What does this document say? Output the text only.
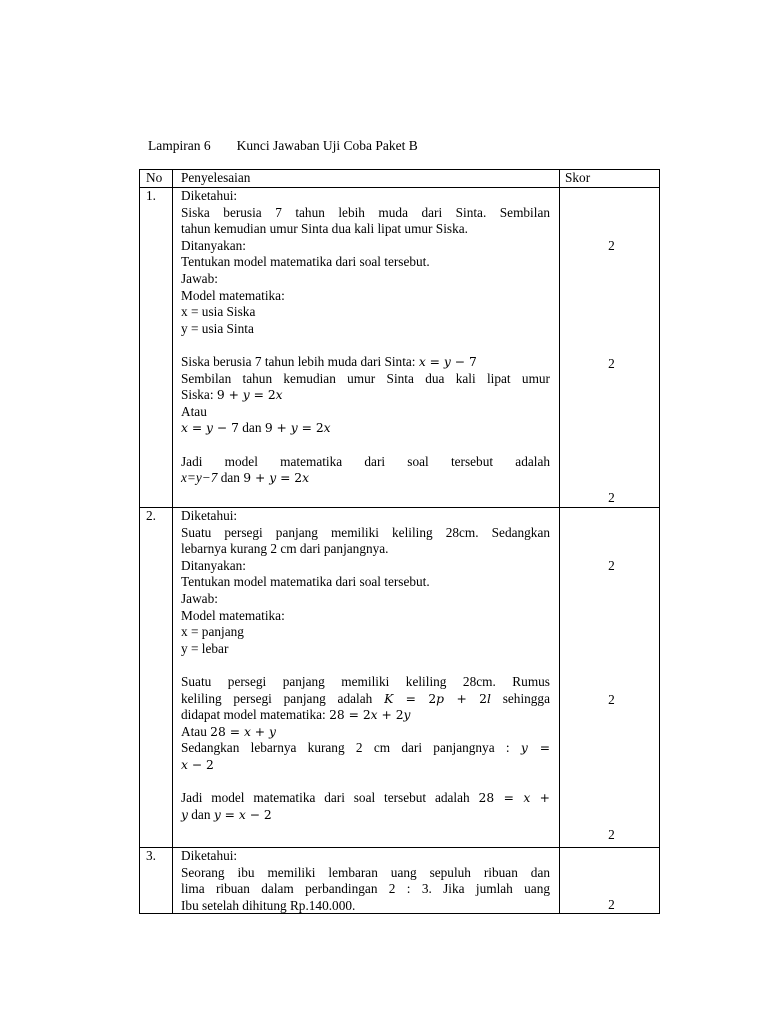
Lampiran 6 Kunci Jawaban Uji Coba Paket B
No Penyelesaian	Skor
1. Diketahui:
Siska berusia 7 tahun lebih muda dari Sinta. Sembilan
tahun kemudian umur Sinta dua kali lipat umur Siska.
Ditanyakan:
Tentukan model matematika dari soal tersebut.
Jawab:
Model matematika:
x = usia Siska
y = usia Sinta
Siska berusia 7 tahun lebih muda dari Sinta: 𝑥 = 𝑦 − 7
Sembilan tahun kemudian umur Sinta dua kali lipat umur
Siska: 9 + 𝑦 = 2𝑥
Atau
𝑥 = 𝑦 − 7 dan 9 + 𝑦 = 2𝑥
Jadi model matematika dari soal tersebut adalah
x=y−7 dan 9 + 𝑦 = 2𝑥
2
2
2
2. Diketahui:
Suatu persegi panjang memiliki keliling 28cm. Sedangkan
lebarnya kurang 2 cm dari panjangnya.
Ditanyakan:
Tentukan model matematika dari soal tersebut.
Jawab:
Model matematika:
x = panjang
y = lebar
Suatu persegi panjang memiliki keliling 28cm. Rumus
keliling persegi panjang adalah 𝐾 = 2𝑝 + 2𝑙 sehingga
didapat model matematika: 28 = 2𝑥 + 2𝑦
Atau 28 = 𝑥 + 𝑦
Sedangkan lebarnya kurang 2 cm dari panjangnya : 𝑦 =
𝑥 − 2
Jadi model matematika dari soal tersebut adalah 28 = 𝑥 +
𝑦 dan 𝑦 = 𝑥 − 2
2
2
2
3. Diketahui:
Seorang ibu memiliki lembaran uang sepuluh ribuan dan
lima ribuan dalam perbandingan 2 : 3. Jika jumlah uang
Ibu setelah dihitung Rp.140.000.	2
